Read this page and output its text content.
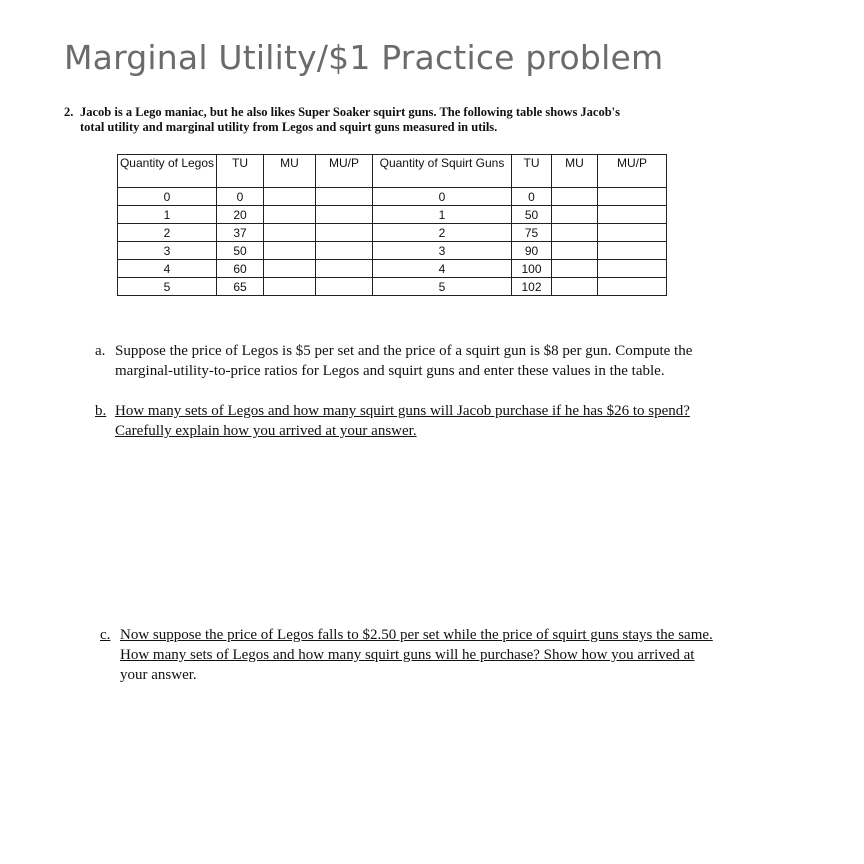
Marginal Utility/$1 Practice problem
2. Jacob is a Lego maniac, but he also likes Super Soaker squirt guns. The following table shows Jacob's
total utility and marginal utility from Legos and squirt guns measured in utils.
Quantity of Legos	TU	MU	MU/P	Quantity of Squirt Guns	TU	MU	MU/P
0	0			0	0		
1	20			1	50		
2	37			2	75		
3	50			3	90		
4	60			4	100		
5	65			5	102		
a. Suppose the price of Legos is $5 per set and the price of a squirt gun is $8 per gun. Compute the
marginal-utility-to-price ratios for Legos and squirt guns and enter these values in the table.
b. How many sets of Legos and how many squirt guns will Jacob purchase if he has $26 to spend?
Carefully explain how you arrived at your answer.
c. Now suppose the price of Legos falls to $2.50 per set while the price of squirt guns stays the same.
How many sets of Legos and how many squirt guns will he purchase? Show how you arrived at
your answer.
